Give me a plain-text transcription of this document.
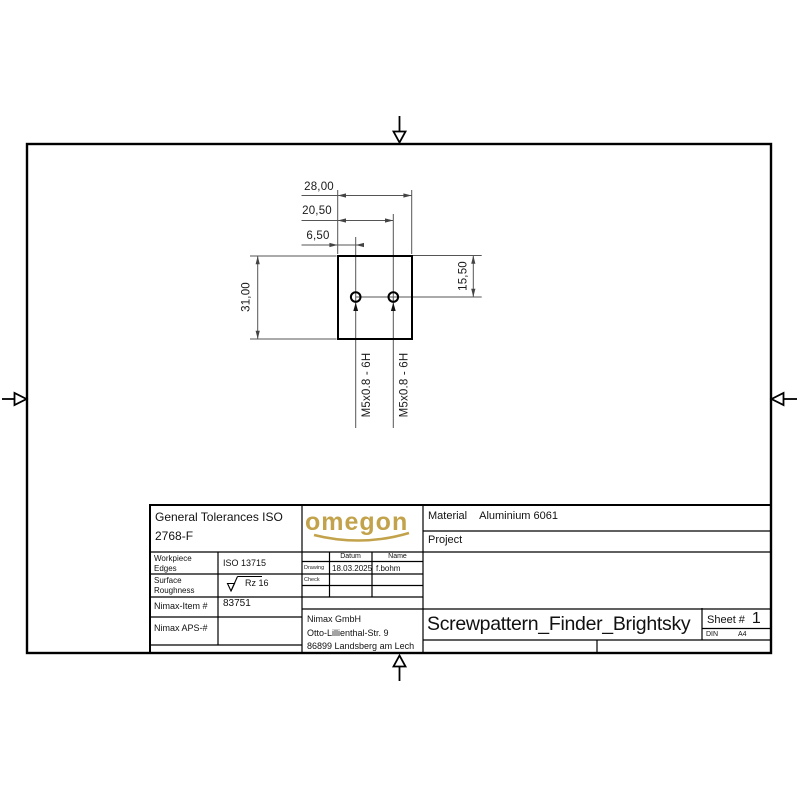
28,00
20,50
6,50
31,00
15,50
M5x0.8 - 6H M5x0.8 - 6H
General Tolerances ISO 2768-F
Workpiece Edges	ISO 13715
Surface Roughness
Rz 16
Nimax-Item # 83751
Nimax APS-#
omegon
Datum	Name
Drawing 18.03.2025 f.bohm
Check
Nimax GmbH
Otto-Lillienthal-Str. 9
86899 Landsberg am Lech
Material Aluminium 6061
Project
Screwpattern_Finder_Brightsky	Sheet # 1
DIN	A4
